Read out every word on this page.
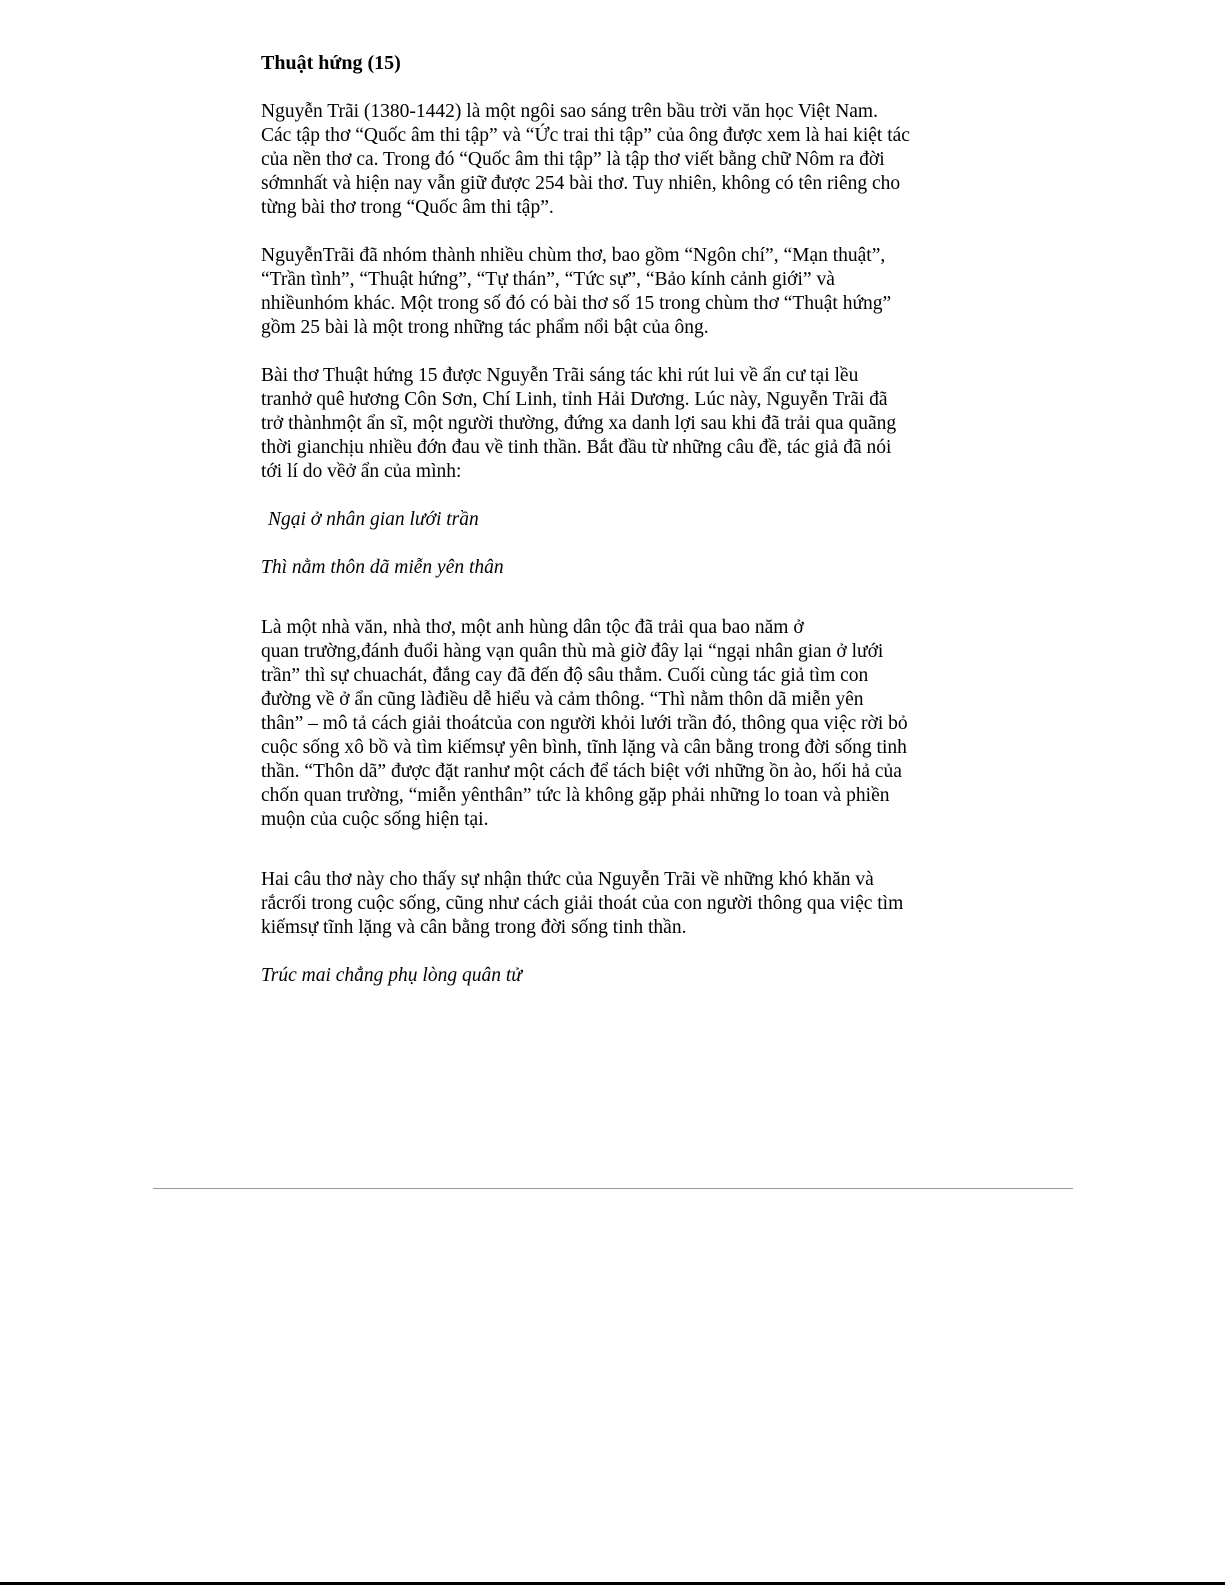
Thuật hứng (15)
Nguyễn Trãi (1380-1442) là một ngôi sao sáng trên bầu trời văn học Việt Nam.
Các tập thơ “Quốc âm thi tập” và “Ức trai thi tập” của ông được xem là hai kiệt tác
của nền thơ ca. Trong đó “Quốc âm thi tập” là tập thơ viết bằng chữ Nôm ra đời
sớmnhất và hiện nay vẫn giữ được 254 bài thơ. Tuy nhiên, không có tên riêng cho
từng bài thơ trong “Quốc âm thi tập”.
NguyễnTrãi đã nhóm thành nhiều chùm thơ, bao gồm “Ngôn chí”, “Mạn thuật”,
“Trần tình”, “Thuật hứng”, “Tự thán”, “Tức sự”, “Bảo kính cảnh giới” và
nhiềunhóm khác. Một trong số đó có bài thơ số 15 trong chùm thơ “Thuật hứng”
gồm 25 bài là một trong những tác phẩm nổi bật của ông.
Bài thơ Thuật hứng 15 được Nguyễn Trãi sáng tác khi rút lui về ẩn cư tại lều
tranhở quê hương Côn Sơn, Chí Linh, tỉnh Hải Dương. Lúc này, Nguyễn Trãi đã
trở thànhmột ẩn sĩ, một người thường, đứng xa danh lợi sau khi đã trải qua quãng
thời gianchịu nhiều đớn đau về tinh thần. Bắt đầu từ những câu đề, tác giả đã nói
tới lí do vềở ẩn của mình:
Ngại ở nhân gian lưới trần
Thì nằm thôn dã miễn yên thân
Là một nhà văn, nhà thơ, một anh hùng dân tộc đã trải qua bao năm ở
quan trường,đánh đuổi hàng vạn quân thù mà giờ đây lại “ngại nhân gian ở lưới
trần” thì sự chuachát, đắng cay đã đến độ sâu thẳm. Cuối cùng tác giả tìm con
đường về ở ẩn cũng làđiều dễ hiểu và cảm thông. “Thì nằm thôn dã miễn yên
thân” – mô tả cách giải thoátcủa con người khỏi lưới trần đó, thông qua việc rời bỏ
cuộc sống xô bồ và tìm kiếmsự yên bình, tĩnh lặng và cân bằng trong đời sống tinh
thần. “Thôn dã” được đặt ranhư một cách để tách biệt với những ồn ào, hối hả của
chốn quan trường, “miễn yênthân” tức là không gặp phải những lo toan và phiền
muộn của cuộc sống hiện tại.
Hai câu thơ này cho thấy sự nhận thức của Nguyễn Trãi về những khó khăn và
rắcrối trong cuộc sống, cũng như cách giải thoát của con người thông qua việc tìm
kiếmsự tĩnh lặng và cân bằng trong đời sống tinh thần.
Trúc mai chẳng phụ lòng quân tử
